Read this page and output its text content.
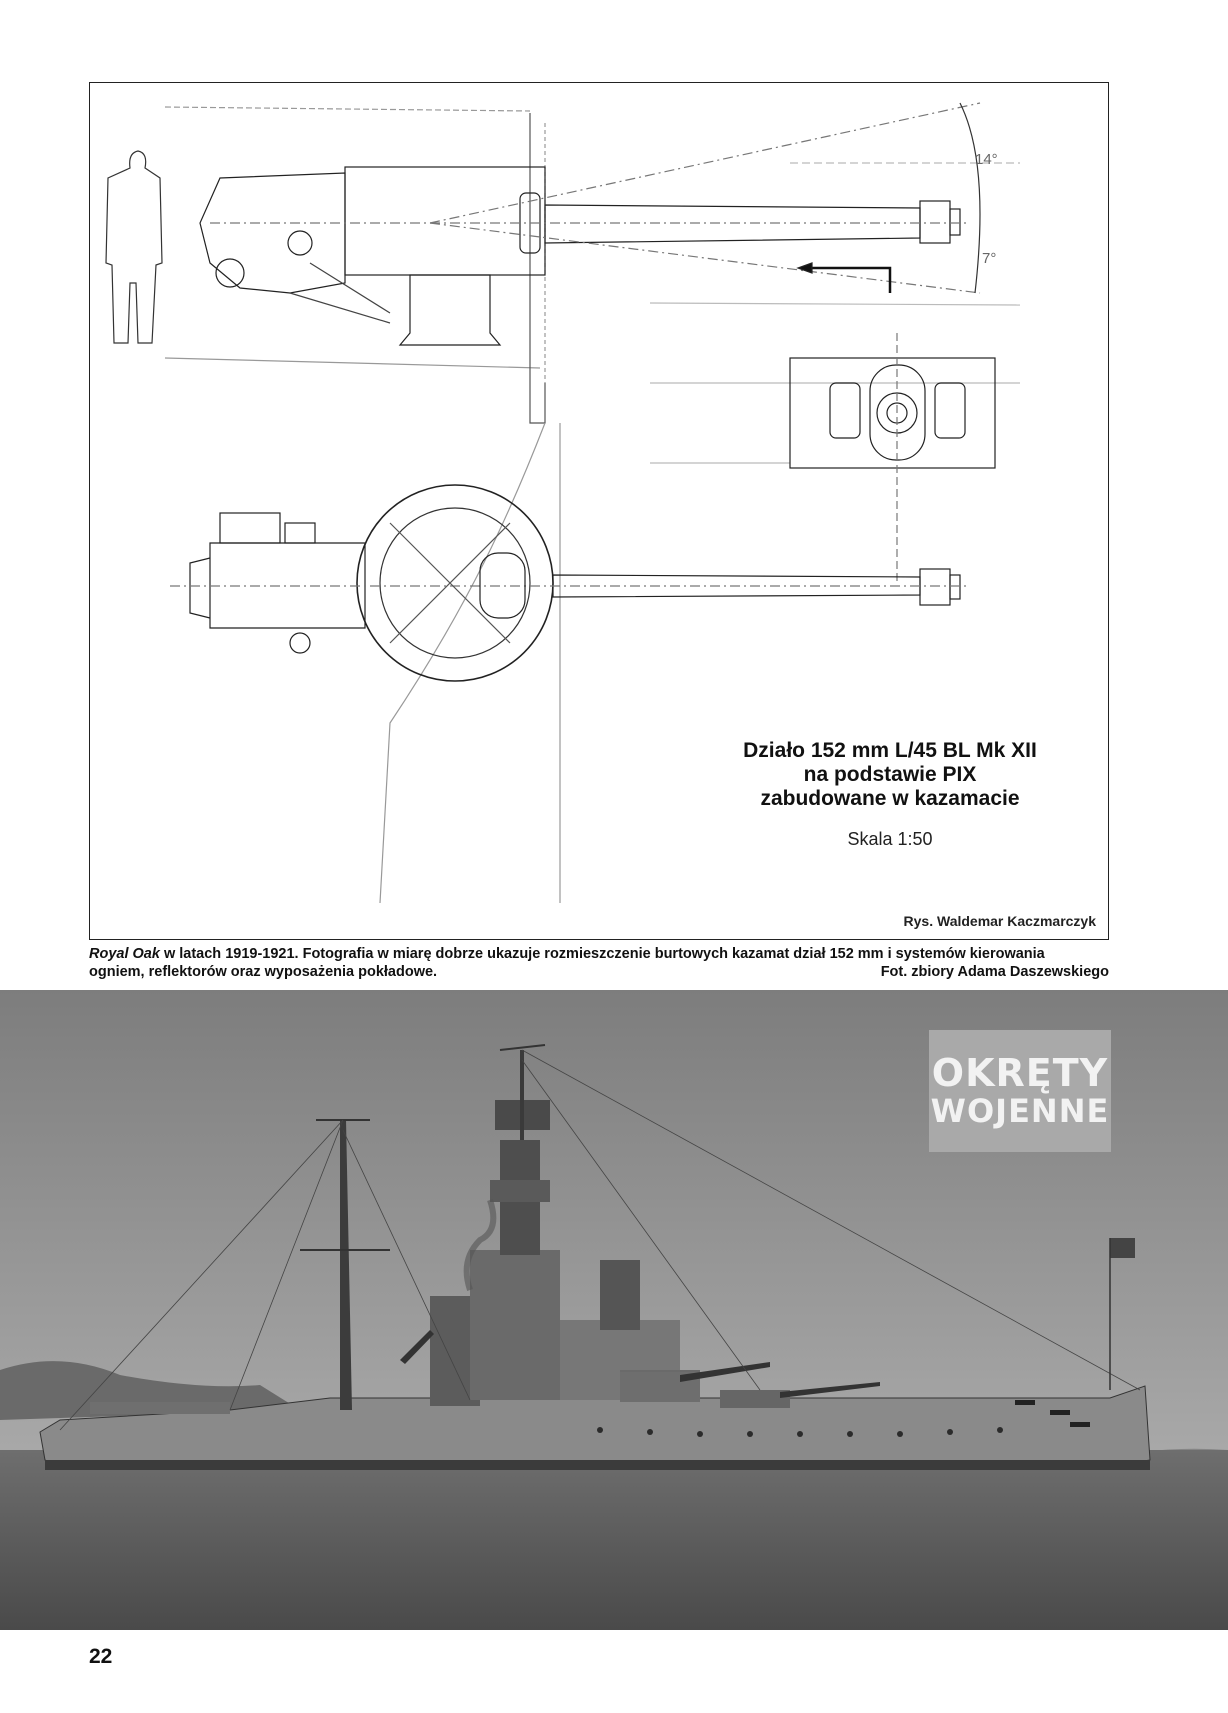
14°
7°
Działo 152 mm L/45 BL Mk XII
na podstawie PIX
zabudowane w kazamacie
Skala 1:50
Rys. Waldemar Kaczmarczyk
Royal Oak w latach 1919-1921. Fotografia w miarę dobrze ukazuje rozmieszczenie burtowych kazamat dział 152 mm i systemów kierowania
ogniem, reflektorów oraz wyposażenia pokładowe.	Fot. zbiory Adama Daszewskiego
OKRĘTY
WOJENNE
22
